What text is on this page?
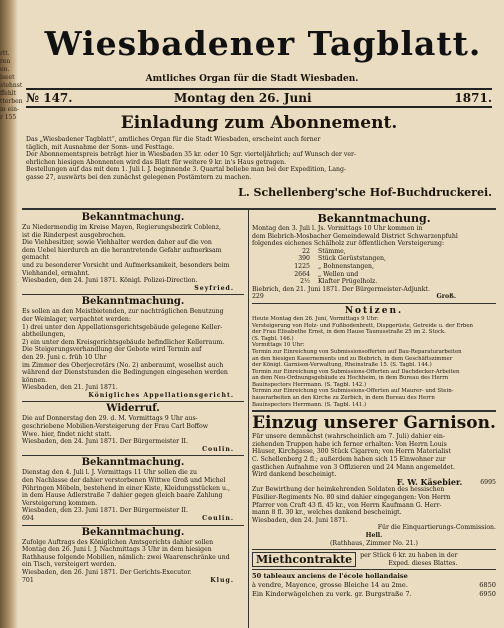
rtt.

ren

en.

iseet

stehnst

ffehlt

tterben

m ein-

r 155

Wiesbadener Tagblatt.
Amtliches Organ für die Stadt Wiesbaden.
№ 147.	Montag den 26. Juni	1871.
Einladung zum Abonnement.

Das „Wiesbadener Tagblatt“, amtliches Organ für die Stadt Wiesbaden, erscheint auch ferner

täglich, mit Ausnahme der Sonn- und Festtage.

Der Abonnementspreis beträgt hier in Wiesbaden 35 kr. oder 10 Sgr. vierteljährlich; auf Wunsch der ver-

ehrlichen hiesigen Abonnenten wird das Blatt für weitere 9 kr. in's Haus getragen.

Bestellungen auf das mit dem 1. Juli l. J. beginnende 3. Quartal beliebe man bei der Expedition, Lang-

gasse 27, auswärts bei den zunächst gelegenen Postämtern zu machen.

L. Schellenberg'sche Hof-Buchdruckerei.
Bekanntmachung.

Zu Niedermendig im Kreise Mayen, Regierungsbezirk Coblenz,

ist die Rinderpest ausgebrochen.

Die Viehbesitzer, sowie Viehhalter werden daher auf die von

dem Uebel hierdurch an die herantretende Gefahr aufmerksam gemacht

und zu besonderer Vorsicht und Aufmerksamkeit, besonders beim

Viehhandel, ermahnt.

Wiesbaden, den 24. Juni 1871. Königl. Polizei-Direction.

Seyfried.
Bekanntmachung.

Es sollen an den Meistbietenden, zur nachträglichen Benutzung

der Weinlager, verpachtet werden:

1) drei unter den Appellationsgerichtsgebäude gelegene Keller-

abtheilungen,

2) ein unter dem Kreisgerichtsgebäude befindlicher Kellerraum.

Die Steigerungsverhandlung der Gebote wird Termin auf

den 29. Juni c. früh 10 Uhr

im Zimmer des Oberjecretärs (No. 2) anberaumt, woselbst auch

während der Dienststunden die Bedingungen eingesehen werden können.

Wiesbaden, den 21. Juni 1871.

Königliches Appellationsgericht.
Widerruf.

Die auf Donnerstag den 29. d. M. Vormittags 9 Uhr aus-

geschriebene Mobilien-Versteigerung der Frau Carl Boffow

Wwe. hier, findet nicht statt.

Wiesbaden, den 24. Juni 1871. Der Bürgermeister II.

Coulin.
Bekanntmachung.

Dienstag den 4. Juli l. J. Vormittags 11 Uhr sollen die zu

den Nachlasse der dahier verstorbenen Wittwe Groß und Michel

Pöhringen Möbeln, bestehend in einer Kiste, Kleidungsstücken u.,

in dem Hause Adlerstraße 7 dahier gegen gleich baare Zahlung

Versteigerung kommen.

Wiesbaden, den 23. Juni 1871. Der Bürgermeister II.

694	Coulin.
Bekanntmachung.

Zufolge Auftrags des Königlichen Amtsgerichts dahier sollen

Montag den 26. Juni l. J. Nachmittags 3 Uhr in dem hiesigen

Rathhause folgende Mobilien, nämlich: zwei Waarenschränke und

ein Tisch, versteigert werden.

Wiesbaden, den 26. Juni 1871. Der Gerichts-Executor.

701	Klug.
Bekanntmachung.

Montag den 3. Juli l. Js. Vormittags 10 Uhr kommen in

dem Biebrich-Mosbacher Gemeindewald District Schwarzenpfuhl

folgendes eichenes Schälholz zur öffentlichen Versteigerung:

22 Stämme,
390 Stück Gerüststangen,
1225 „ Bohnenstangen,
2664 „ Wellen und
2½ Klafter Prügelholz.
Biebrich, den 21. Juni 1871. Der Bürgermeister-Adjunkt.
229	Groß.
Notizen.

Heute Montag den 26. Juni, Vormittags 9 Uhr:

Versteigerung von Holz- und Fußbodenbrett, Dispgerüste, Getreide u. der Erben

der Frau Elisabethe Ernst, in dem Hause Taunusstraße 25 im 2. Stock.

(S. Tagbl. 146.)

Vormittags 10 Uhr:

Termin zur Einreichung von Submissionsofferten auf Bau-Reparaturarbeiten

an den hiesigen Kasernements und zu Biebrich, in dem Geschäftszimmer

der Königl. Garnison-Verwaltung, Rheinstraße 15. (S. Tagbl. 144.)

Termin zur Einreichung von Submissions-Offerten auf Dachdecker-Arbeiten

an dem Neu-Ordnungsgebäude zu Hochheim, in dem Bureau des Herrn

Bauinspectors Herrmann. (S. Tagbl. 142.)

Termin zur Einreichung von Submissions-Offerten auf Maurer- und Stein-

hauerarbeiten an den Kirche zu Zerbich, in dem Bureau des Herrn

Bauinspectors Herrmann. (S. Tagbl. 141.)

Einzug unserer Garnison.

Für unsere demnächst (wahrscheinlich am 7. Juli) dahier ein-

ziehenden Truppen habe ich ferner erhalten: Von Herrn Louis

Häuser, Kirchgasse, 300 Stück Cigarren; von Herrn Materialist

C. Schellenberg 2 fl.; außerdem haben sich 15 Einwohner zur

gastlichen Aufnahme von 3 Offizieren und 24 Mann angemeldet.

Wird dankend bescheinigt.

F. W. Käsebier.	6995

Zur Bewirthung der heimkehrenden Soldaten des hessischen

Füsilier-Regiments No. 80 sind dahier eingegangen: Von Herrn

Pfarrer von Craft 43 fl. 45 kr., von Herrn Kaufmann G. Herr-

mann 8 fl. 30 kr., welches dankend bescheinigt.

Wiesbaden, den 24. Juni 1871.

Für die Einquartierungs-Commission.
Hell.
(Rathhaus, Zimmer No. 21.)
Miethcontrakte	per Stück 6 kr. zu haben in der
Exped. dieses Blattes.
50 tableaux anciens de l'école hollandaise
à vendre, Mayence, grosse Bleiche 14 au 2me.	6850
Ein Kinderwägelchen zu verk. gr. Burgstraße 7.	6950
